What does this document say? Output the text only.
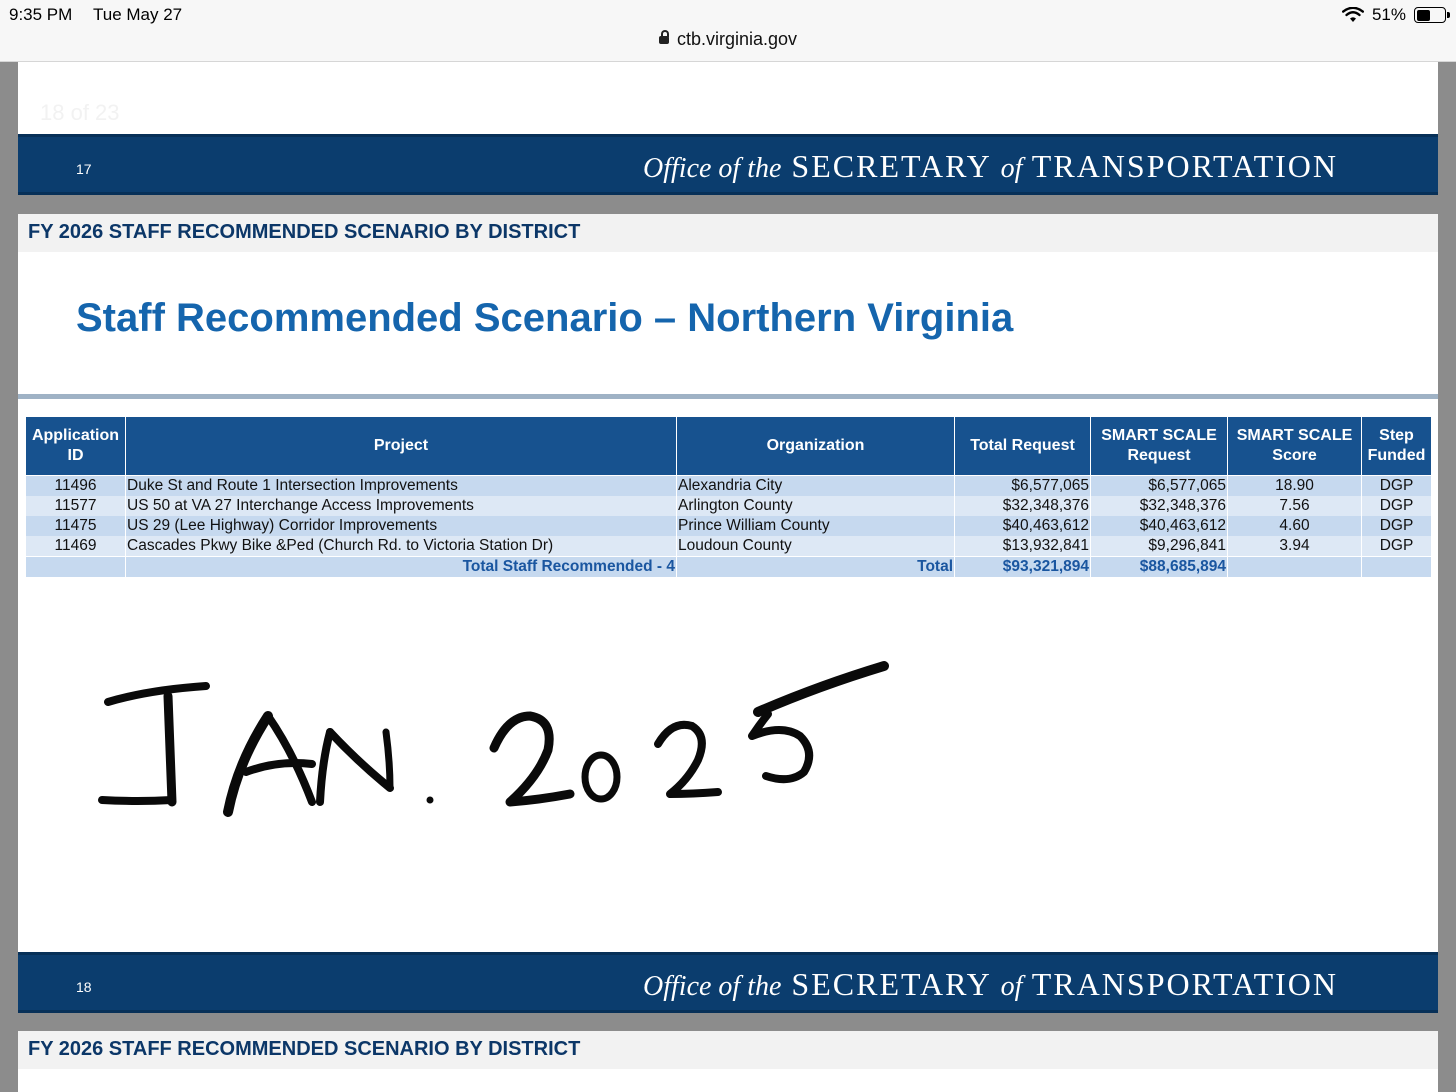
9:35 PM Tue May 27	51%
ctb.virginia.gov
18 of 23
17	Office of the SECRETARY of TRANSPORTATION
FY 2026 STAFF RECOMMENDED SCENARIO BY DISTRICT
Staff Recommended Scenario – Northern Virginia
Application ID	Project	Organization	Total Request	SMART SCALE Request	SMART SCALE Score	Step Funded
11496	Duke St and Route 1 Intersection Improvements	Alexandria City	$6,577,065	$6,577,065	18.90	DGP
11577	US 50 at VA 27 Interchange Access Improvements	Arlington County	$32,348,376	$32,348,376	7.56	DGP
11475	US 29 (Lee Highway) Corridor Improvements	Prince William County	$40,463,612	$40,463,612	4.60	DGP
11469	Cascades Pkwy Bike &Ped (Church Rd. to Victoria Station Dr)	Loudoun County	$13,932,841	$9,296,841	3.94	DGP
	Total Staff Recommended - 4	Total	$93,321,894	$88,685,894		
18	Office of the SECRETARY of TRANSPORTATION
FY 2026 STAFF RECOMMENDED SCENARIO BY DISTRICT
